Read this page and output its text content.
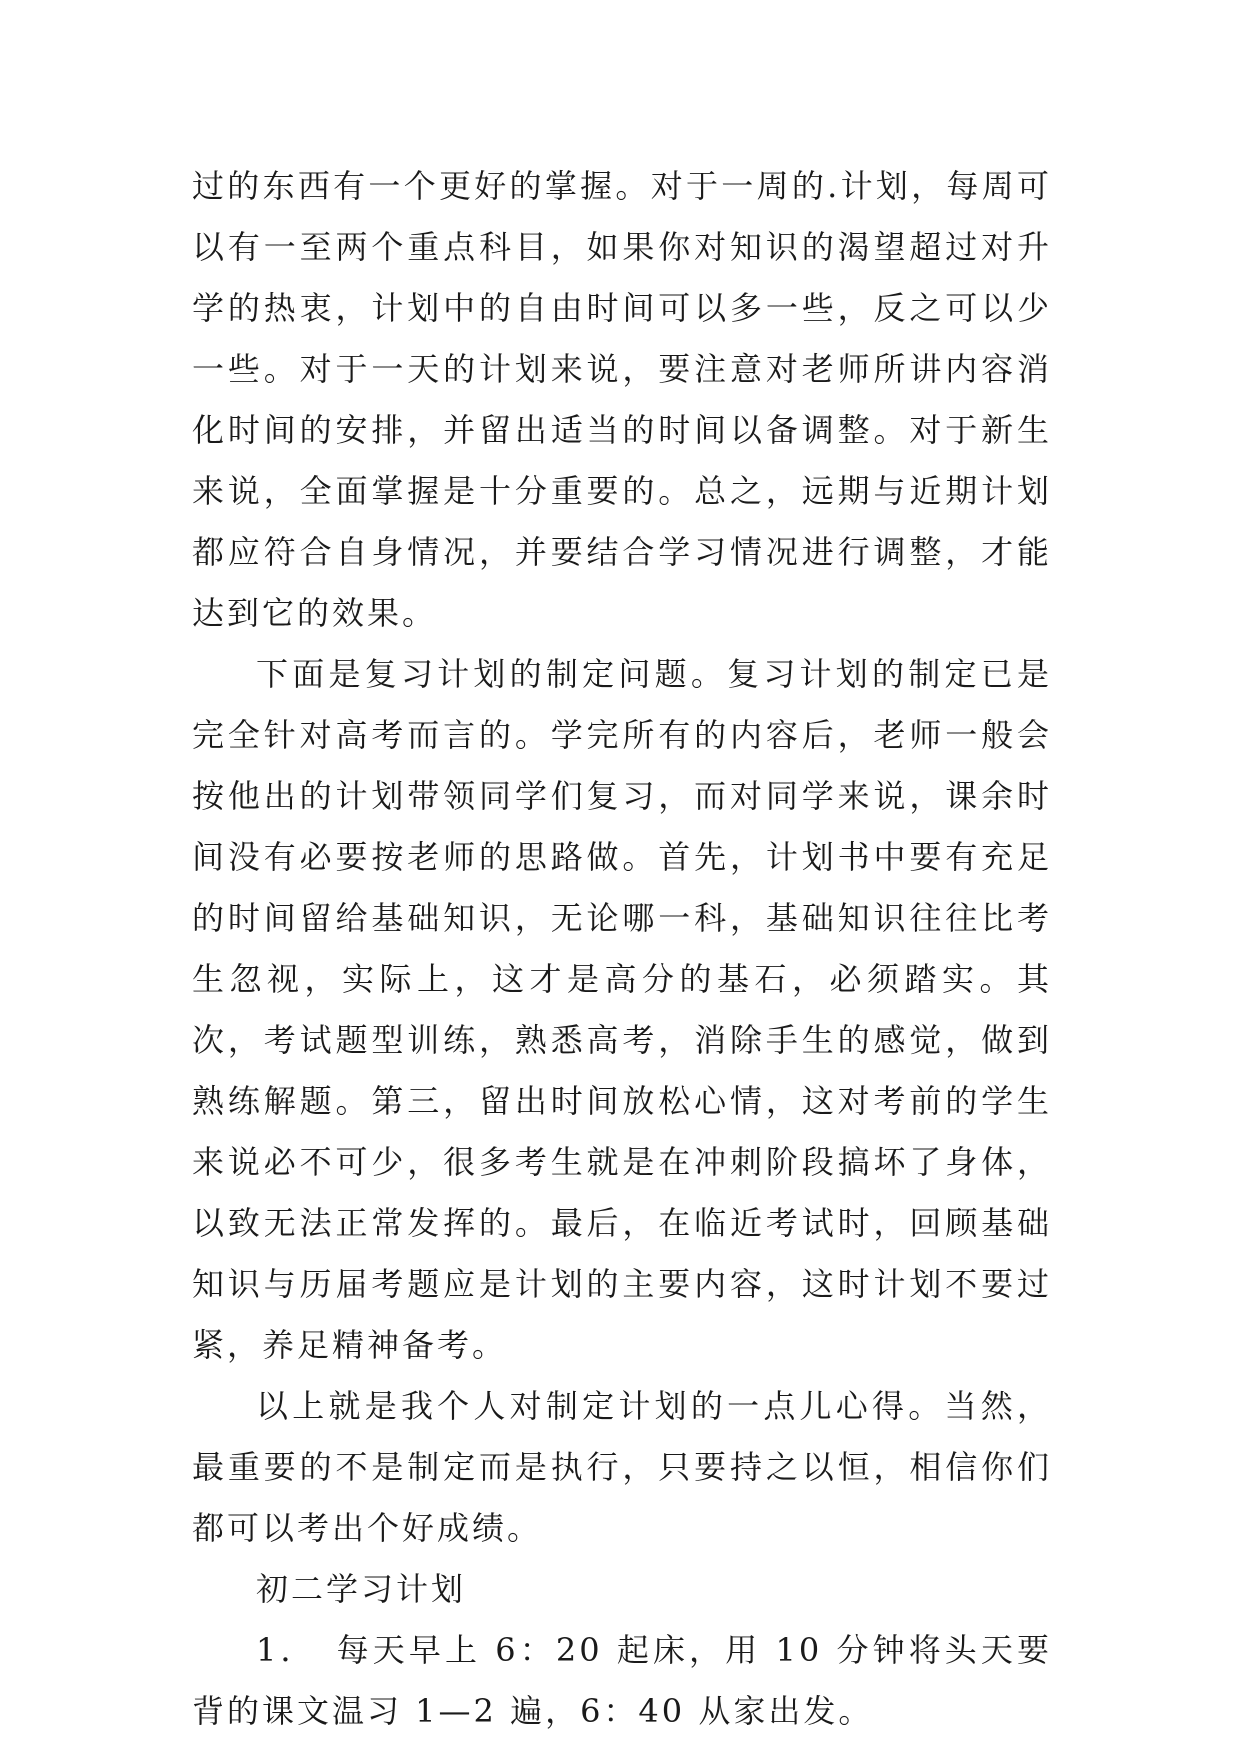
过的东西有一个更好的掌握。对于一周的.计划，每周可以有一至两个重点科目，如果你对知识的渴望超过对升学的热衷，计划中的自由时间可以多一些，反之可以少一些。对于一天的计划来说，要注意对老师所讲内容消化时间的安排，并留出适当的时间以备调整。对于新生来说，全面掌握是十分重要的。总之，远期与近期计划都应符合自身情况，并要结合学习情况进行调整，才能达到它的效果。

下面是复习计划的制定问题。复习计划的制定已是完全针对高考而言的。学完所有的内容后，老师一般会按他出的计划带领同学们复习，而对同学来说，课余时间没有必要按老师的思路做。首先，计划书中要有充足的时间留给基础知识，无论哪一科，基础知识往往比考生忽视，实际上，这才是高分的基石，必须踏实。其次，考试题型训练，熟悉高考，消除手生的感觉，做到熟练解题。第三，留出时间放松心情，这对考前的学生来说必不可少，很多考生就是在冲刺阶段搞坏了身体，以致无法正常发挥的。最后，在临近考试时，回顾基础知识与历届考题应是计划的主要内容，这时计划不要过紧，养足精神备考。

以上就是我个人对制定计划的一点儿心得。当然，最重要的不是制定而是执行，只要持之以恒，相信你们都可以考出个好成绩。

初二学习计划

1．　每天早上 6：20 起床，用 10 分钟将头天要背的课文温习 1—2 遍，6：40 从家出发。
